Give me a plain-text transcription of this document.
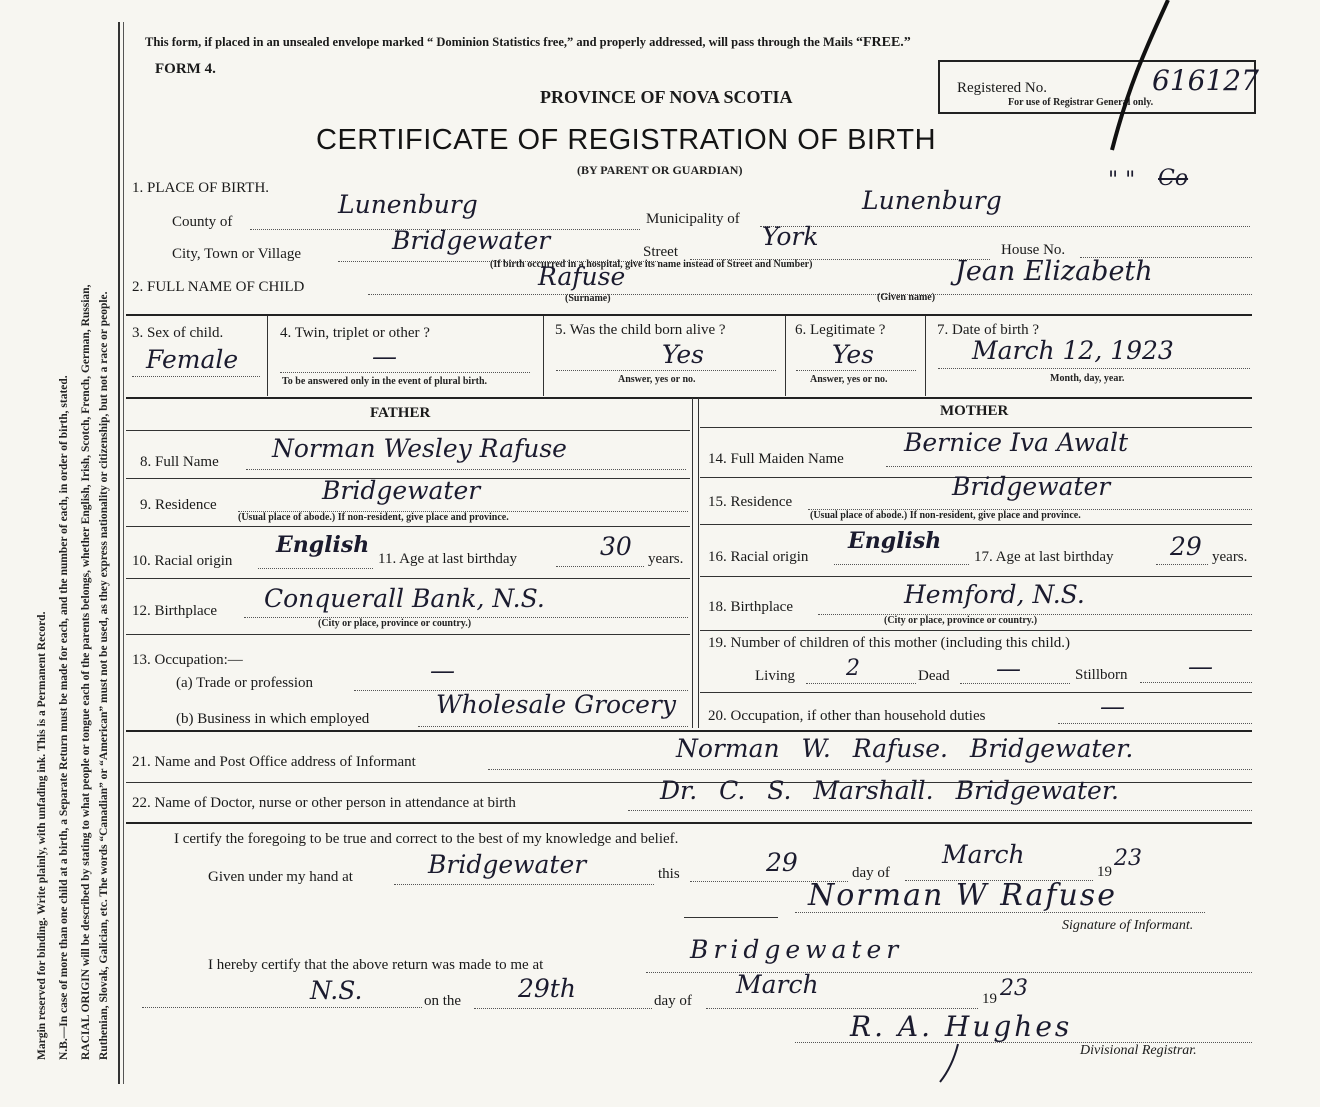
Margin reserved for binding. Write plainly, with unfading ink. This is a Permanent Record. N.B.—In case of more than one child at a birth, a Separate Return must be made for each, and the number of each, in order of birth, stated. RACIAL ORIGIN will be described by stating to what people or tongue each of the parents belongs, whether English, Irish, Scotch, French, German, Russian, Ruthenian, Slovak, Galician, etc. The words “Canadian” or “American” must not be used, as they express nationality or citizenship, but not a race or people.
This form, if placed in an unsealed envelope marked “ Dominion Statistics free,” and properly addressed, will pass through the Mails “FREE.”
FORM 4.
PROVINCE OF NOVA SCOTIA
CERTIFICATE OF REGISTRATION OF BIRTH
(BY PARENT OR GUARDIAN)
Registered No.
For use of Registrar General only.
616127
1. PLACE OF BIRTH.
County of
Lunenburg	Municipality of
Lunenburg
" " Co
City, Town or Village	Bridgewater	Street
York	House No.
(If birth occurred in a hospital, give its name instead of Street and Number)
2. FULL NAME OF CHILD	Rafuse
(Surname)
Jean Elizabeth
(Given name)
3. Sex of child.
Female
4. Twin, triplet or other ?
—
To be answered only in the event of plural birth.
5. Was the child born alive ?
Yes
Answer, yes or no.
6. Legitimate ?
Yes
Answer, yes or no.
7. Date of birth ?
March 12, 1923
Month, day, year.
FATHER	MOTHER
8. Full Name Norman Wesley Rafuse
9. Residence	Bridgewater
(Usual place of abode.) If non-resident, give place and province.
10. Racial origin
English
11. Age at last birthday	30 years.
12. Birthplace Conquerall Bank, N.S.
(City or place, province or country.)
13. Occupation:—
(a) Trade or profession	—
(b) Business in which employed	Wholesale Grocery
14. Full Maiden Name
Bernice Iva Awalt
15. Residence
Bridgewater
(Usual place of abode.) If non-resident, give place and province.
16. Racial origin
English
17. Age at last birthday 29 years.
18. Birthplace	Hemford, N.S.
(City or place, province or country.)
19. Number of children of this mother (including this child.)
Living 2	Dead —	Stillborn —
20. Occupation, if other than household duties	—
21. Name and Post Office address of Informant	Norman W. Rafuse. Bridgewater.
22. Name of Doctor, nurse or other person in attendance at birth	Dr. C. S. Marshall. Bridgewater.
I certify the foregoing to be true and correct to the best of my knowledge and belief.
Given under my hand at	Bridgewater	this	29	day of
March
19
23
Norman W Rafuse
Signature of Informant.
I hereby certify that the above return was made to me at
Bridgewater
N.S.	on the 29th	day of
March	19 23
R. A. Hughes
Divisional Registrar.
